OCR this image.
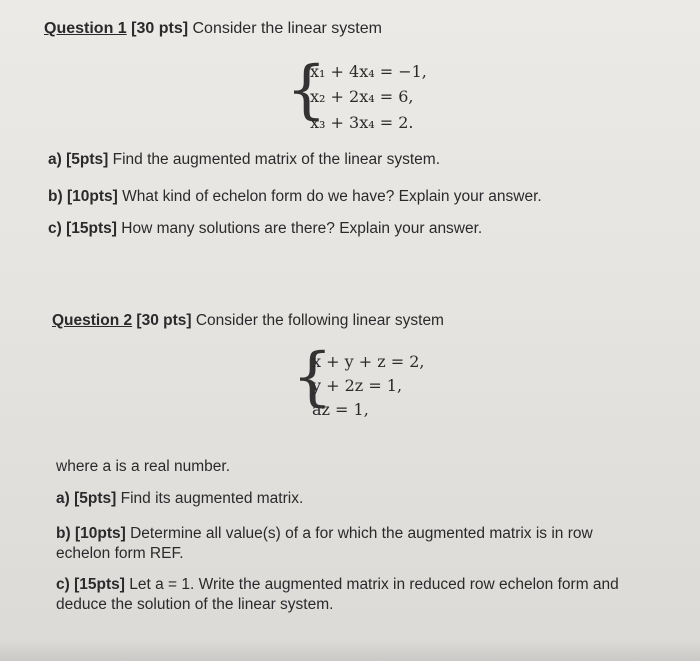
Question 1 [30 pts] Consider the linear system
{
x₁ + 4x₄ = −1,
x₂ + 2x₄ = 6,
x₃ + 3x₄ = 2.
a) [5pts] Find the augmented matrix of the linear system.
b) [10pts] What kind of echelon form do we have? Explain your answer.
c) [15pts] How many solutions are there? Explain your answer.
Question 2 [30 pts] Consider the following linear system
{
x + y + z = 2,
y + 2z = 1,
az = 1,
where a is a real number.
a) [5pts] Find its augmented matrix.
b) [10pts] Determine all value(s) of a for which the augmented matrix is in row echelon form REF.
c) [15pts] Let a = 1. Write the augmented matrix in reduced row echelon form and deduce the solution of the linear system.
